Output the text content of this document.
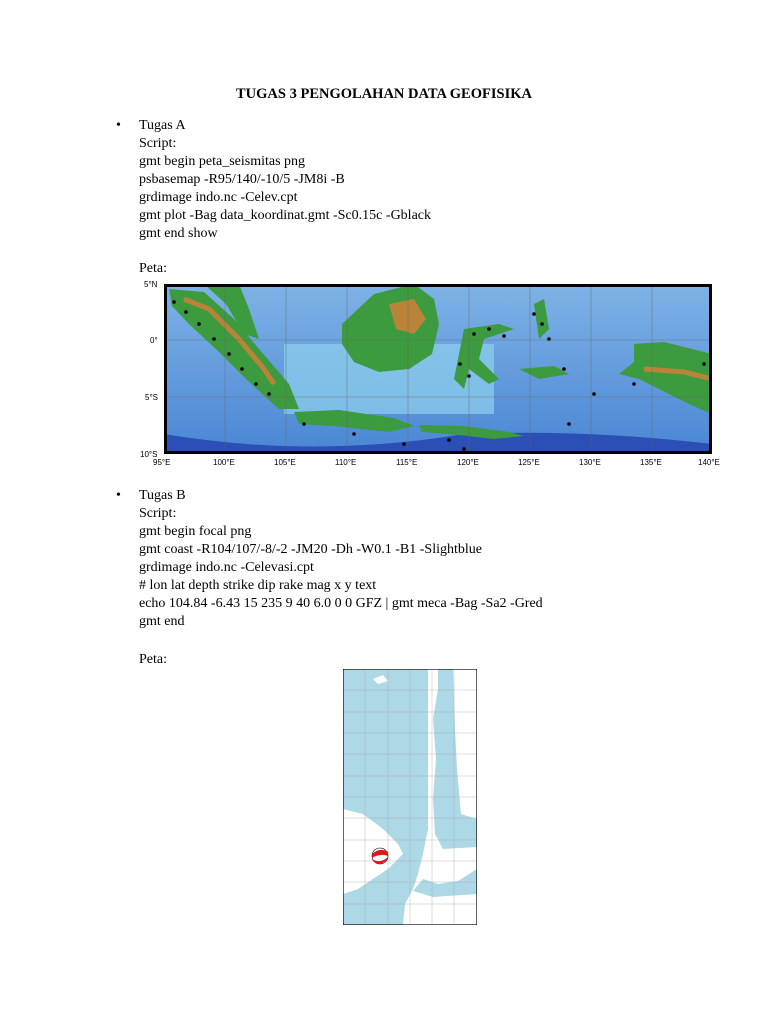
TUGAS 3 PENGOLAHAN DATA GEOFISIKA
• Tugas A
Script:
gmt begin peta_seismitas png
psbasemap -R95/140/-10/5 -JM8i -B
grdimage indo.nc -Celev.cpt
gmt plot -Bag data_koordinat.gmt -Sc0.15c -Gblack
gmt end show
Peta:
5°N
0°
5°S
10°S
95°E	100°E	105°E	110°E	115°E	120°E	125°E	130°E	135°E	140°E
• Tugas B
Script:
gmt begin focal png
gmt coast -R104/107/-8/-2 -JM20 -Dh -W0.1 -B1 -Slightblue
grdimage indo.nc -Celevasi.cpt
# lon lat depth strike dip rake mag x y text
echo 104.84 -6.43 15 235 9 40 6.0 0 0 GFZ | gmt meca -Bag -Sa2 -Gred
gmt end
Peta:
